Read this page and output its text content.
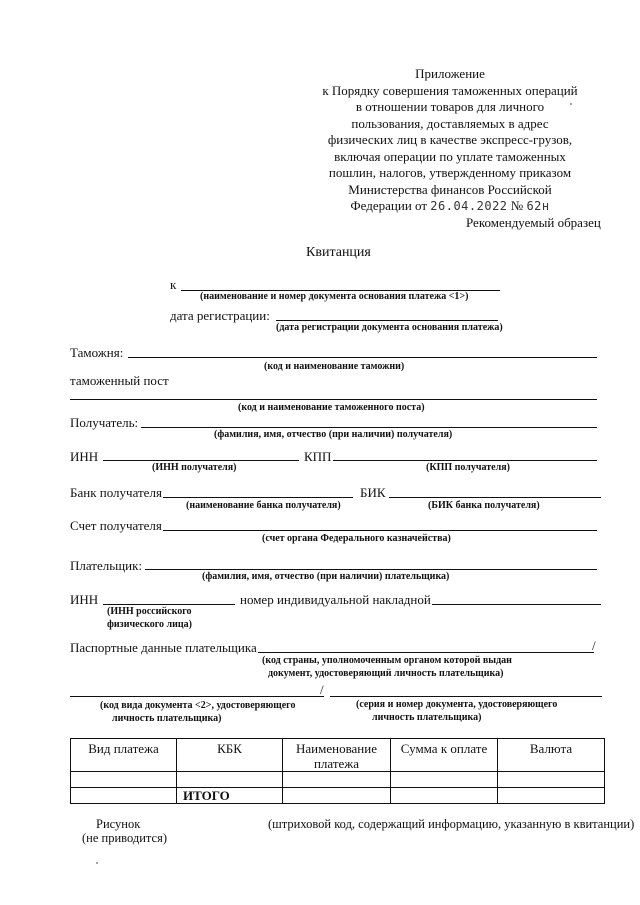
Приложение
к Порядку совершения таможенных операций
в отношении товаров для личного
пользования, доставляемых в адрес
физических лиц в качестве экспресс-грузов,
включая операции по уплате таможенных
пошлин, налогов, утвержденному приказом
Министерства финансов Российской
Федерации от 26.04.2022 № 62н
Рекомендуемый образец
Квитанция
к
(наименование и номер документа основания платежа <1>)
дата регистрации:
(дата регистрации документа основания платежа)
Таможня:
(код и наименование таможни)
таможенный пост
(код и наименование таможенного поста)
Получатель:
(фамилия, имя, отчество (при наличии) получателя)
ИНН
(ИНН получателя)
КПП
(КПП получателя)
Банк получателя
(наименование банка получателя)
БИК
(БИК банка получателя)
Счет получателя
(счет органа Федерального казначейства)
Плательщик:
(фамилия, имя, отчество (при наличии) плательщика)
ИНН
(ИНН российского
физического лица)
номер индивидуальной накладной
Паспортные данные плательщика	/
(код страны, уполномоченным органом которой выдан
документ, удостоверяющий личность плательщика)
/
(код вида документа <2>, удостоверяющего
личность плательщика)
(серия и номер документа, удостоверяющего
личность плательщика)
Вид платежа	КБК	Наименование платежа	Сумма к оплате	Валюта

	ИТОГО			
Рисунок
(не приводится)
(штриховой код, содержащий информацию, указанную в квитанции)
